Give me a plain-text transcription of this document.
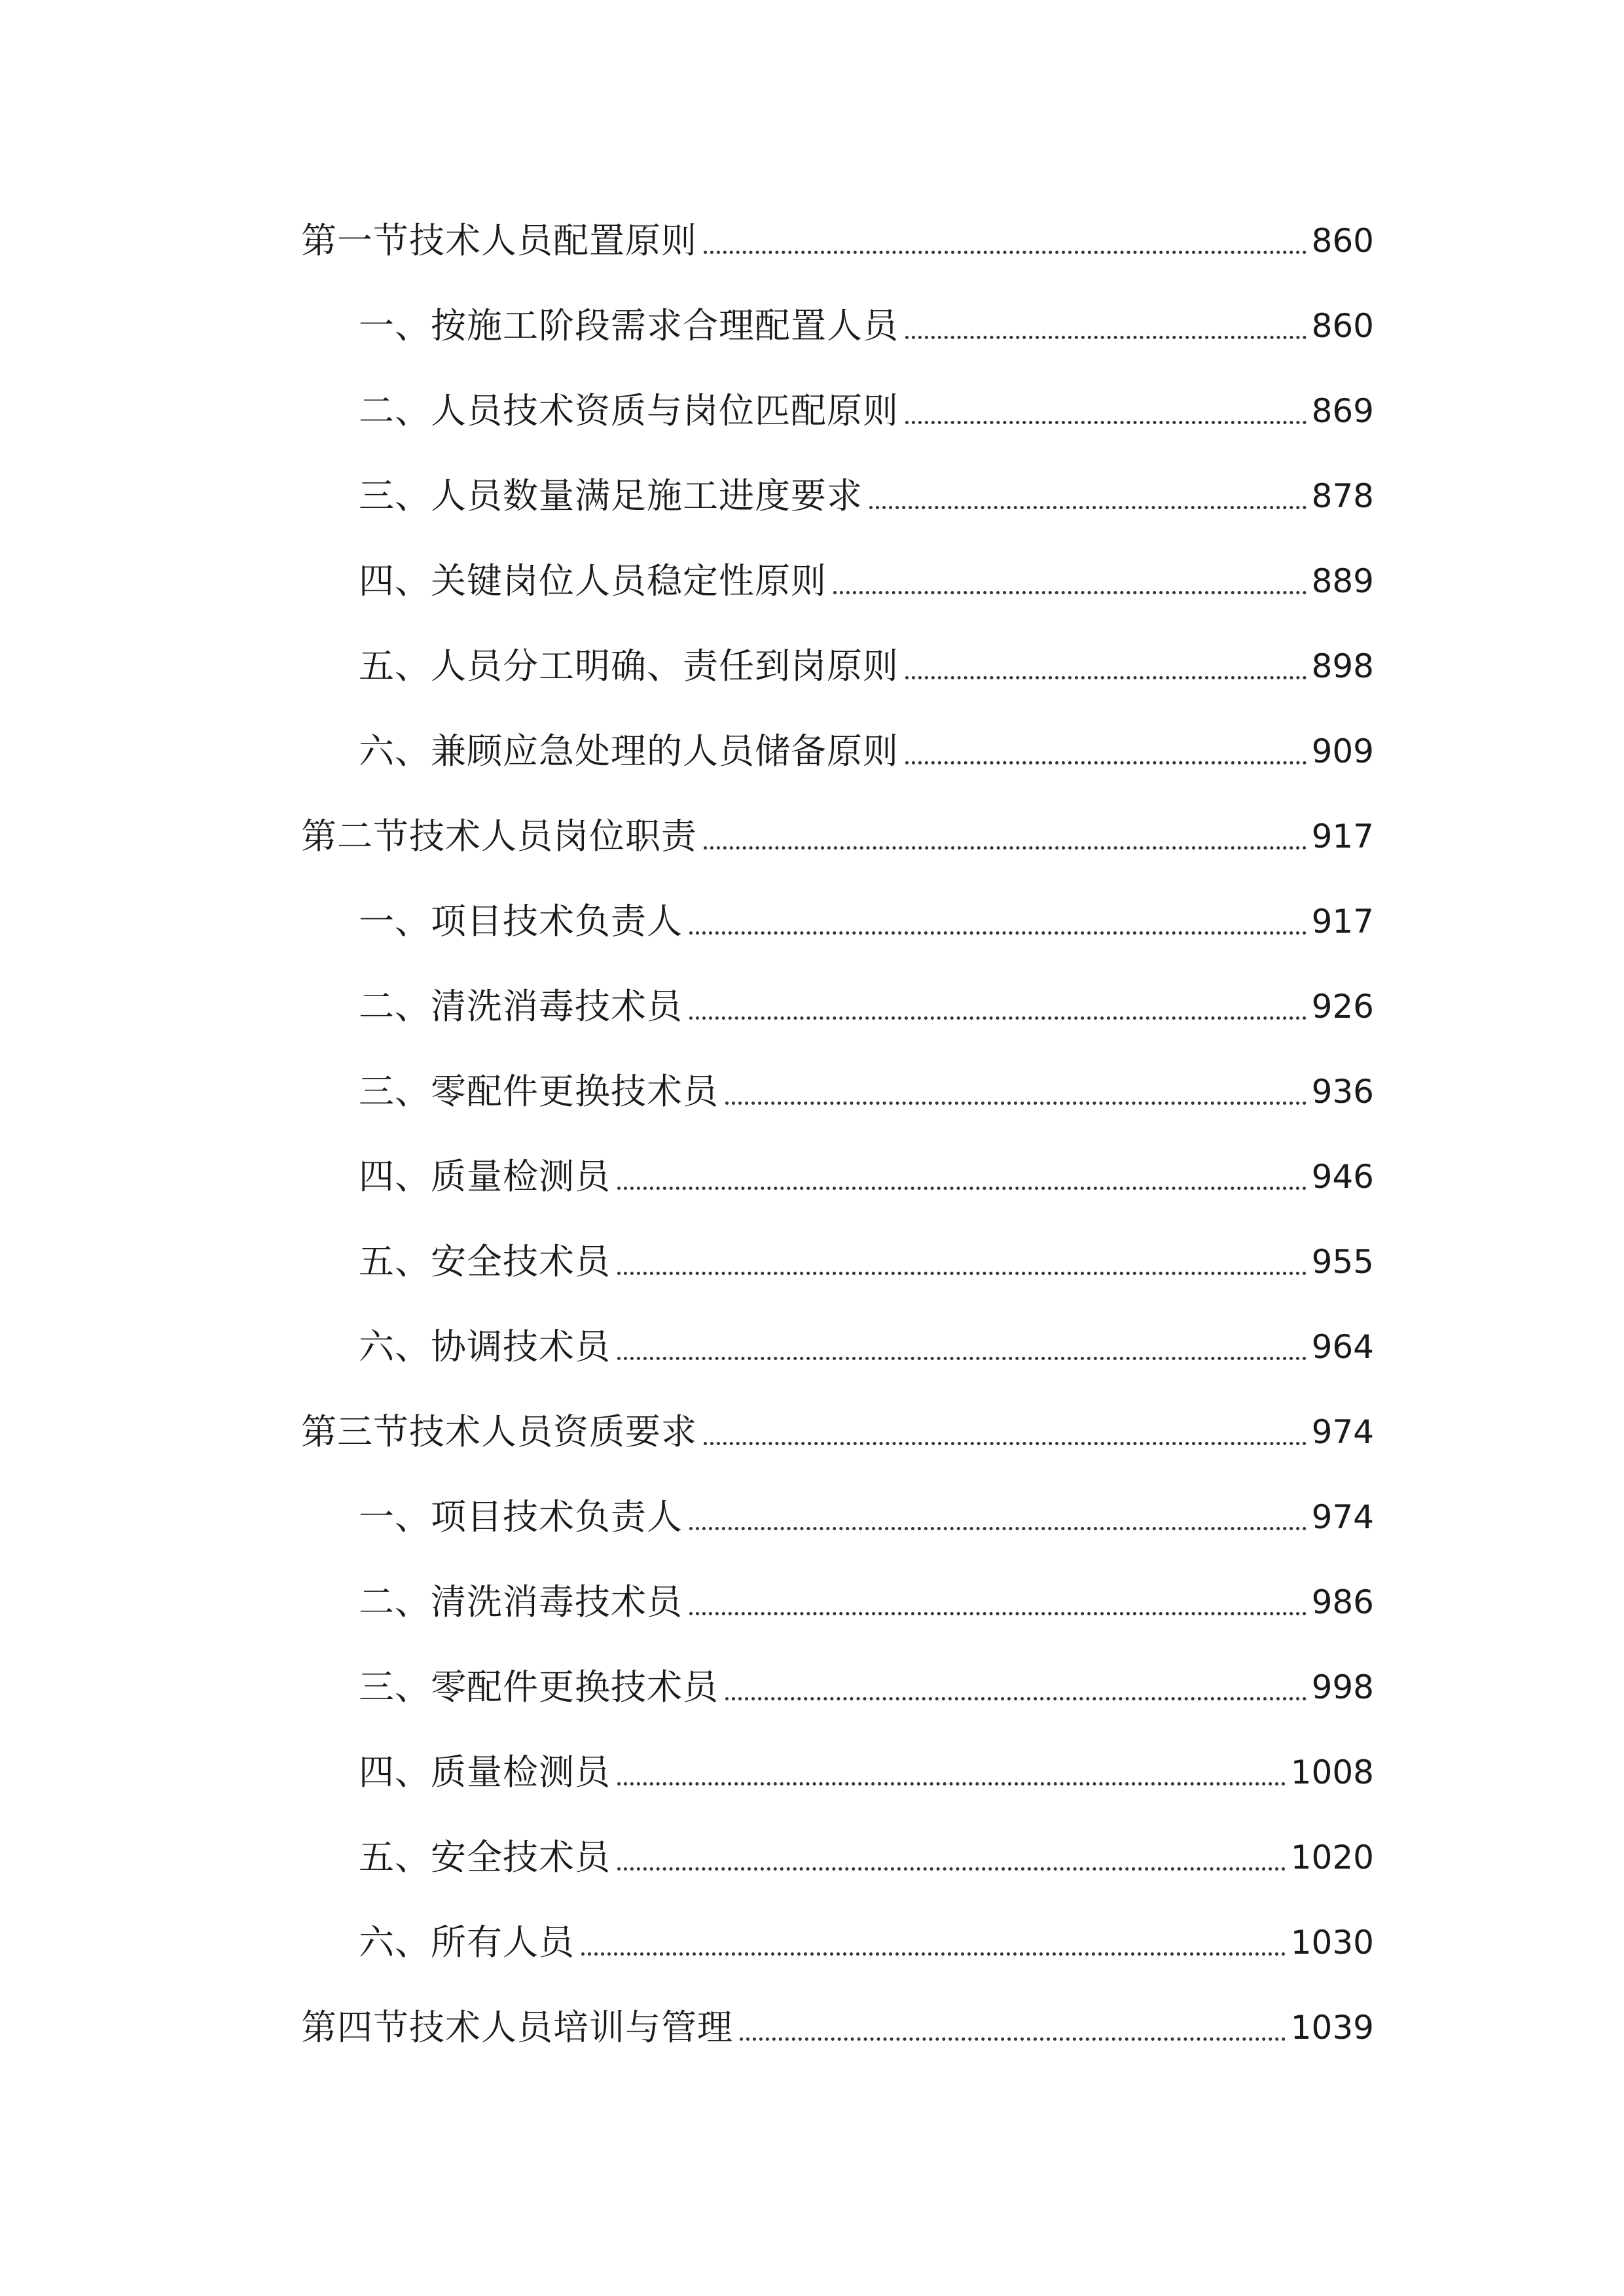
第一节技术人员配置原则	860
一、按施工阶段需求合理配置人员	860
二、人员技术资质与岗位匹配原则	869
三、人员数量满足施工进度要求	878
四、关键岗位人员稳定性原则	889
五、人员分工明确、责任到岗原则	898
六、兼顾应急处理的人员储备原则	909
第二节技术人员岗位职责	917
一、项目技术负责人	917
二、清洗消毒技术员	926
三、零配件更换技术员	936
四、质量检测员	946
五、安全技术员	955
六、协调技术员	964
第三节技术人员资质要求	974
一、项目技术负责人	974
二、清洗消毒技术员	986
三、零配件更换技术员	998
四、质量检测员	1008
五、安全技术员	1020
六、所有人员	1030
第四节技术人员培训与管理	1039
